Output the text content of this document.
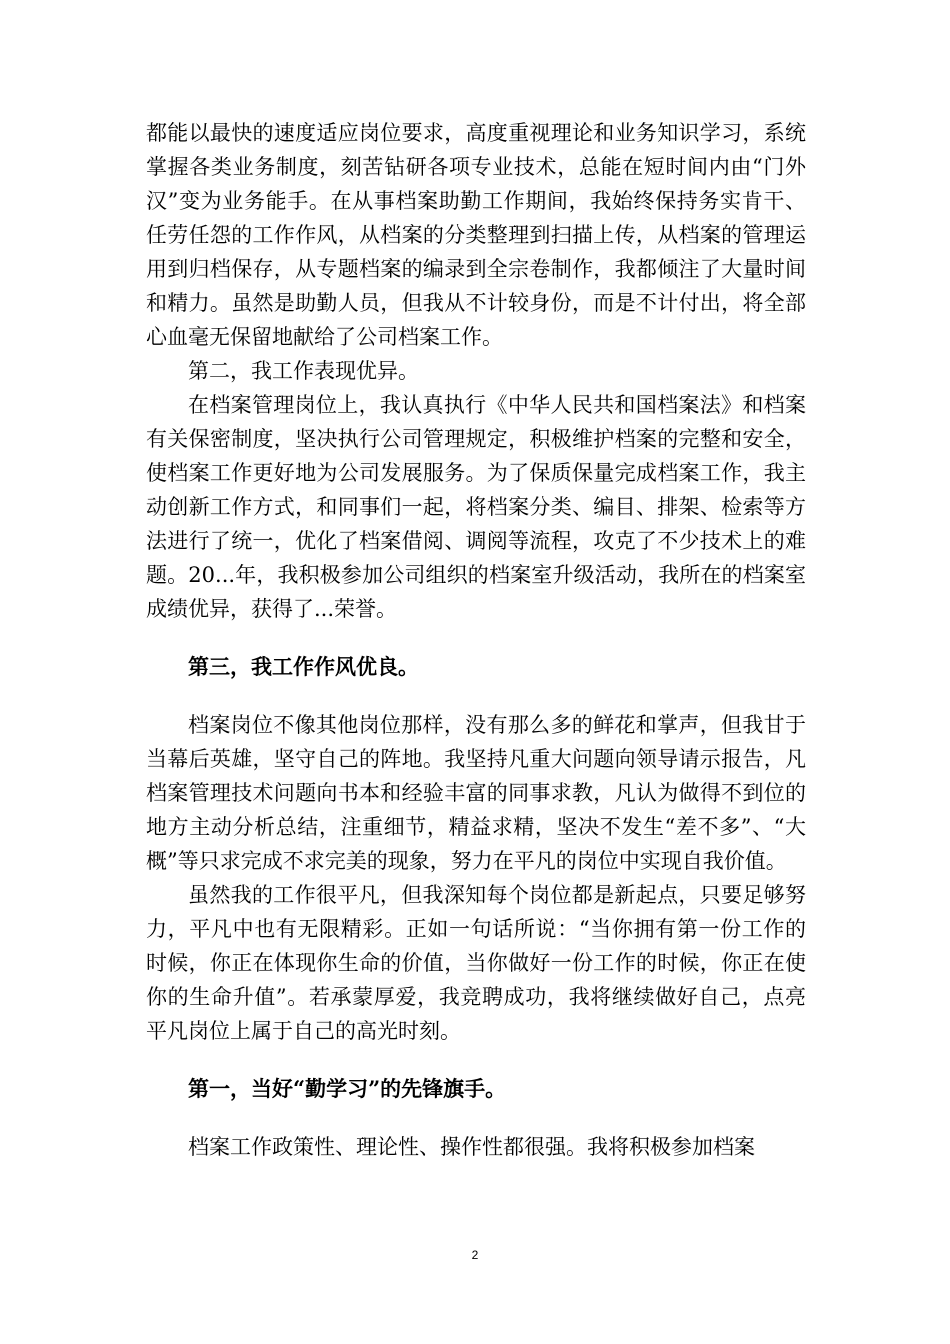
都能以最快的速度适应岗位要求，高度重视理论和业务知识学习，系统掌握各类业务制度，刻苦钻研各项专业技术，总能在短时间内由“门外汉”变为业务能手。在从事档案助勤工作期间，我始终保持务实肯干、任劳任怨的工作作风，从档案的分类整理到扫描上传，从档案的管理运用到归档保存，从专题档案的编录到全宗卷制作，我都倾注了大量时间和精力。虽然是助勤人员，但我从不计较身份，而是不计付出，将全部心血毫无保留地献给了公司档案工作。

第二，我工作表现优异。

在档案管理岗位上，我认真执行《中华人民共和国档案法》和档案有关保密制度，坚决执行公司管理规定，积极维护档案的完整和安全，使档案工作更好地为公司发展服务。为了保质保量完成档案工作，我主动创新工作方式，和同事们一起，将档案分类、编目、排架、检索等方法进行了统一，优化了档案借阅、调阅等流程，攻克了不少技术上的难题。20...年，我积极参加公司组织的档案室升级活动，我所在的档案室成绩优异，获得了...荣誉。

第三，我工作作风优良。

档案岗位不像其他岗位那样，没有那么多的鲜花和掌声，但我甘于当幕后英雄，坚守自己的阵地。我坚持凡重大问题向领导请示报告，凡档案管理技术问题向书本和经验丰富的同事求教，凡认为做得不到位的地方主动分析总结，注重细节，精益求精，坚决不发生“差不多”、“大概”等只求完成不求完美的现象，努力在平凡的岗位中实现自我价值。

虽然我的工作很平凡，但我深知每个岗位都是新起点，只要足够努力，平凡中也有无限精彩。正如一句话所说：“当你拥有第一份工作的时候，你正在体现你生命的价值，当你做好一份工作的时候，你正在使你的生命升值”。若承蒙厚爱，我竞聘成功，我将继续做好自己，点亮平凡岗位上属于自己的高光时刻。

第一，当好“勤学习”的先锋旗手。

档案工作政策性、理论性、操作性都很强。我将积极参加档案

2
